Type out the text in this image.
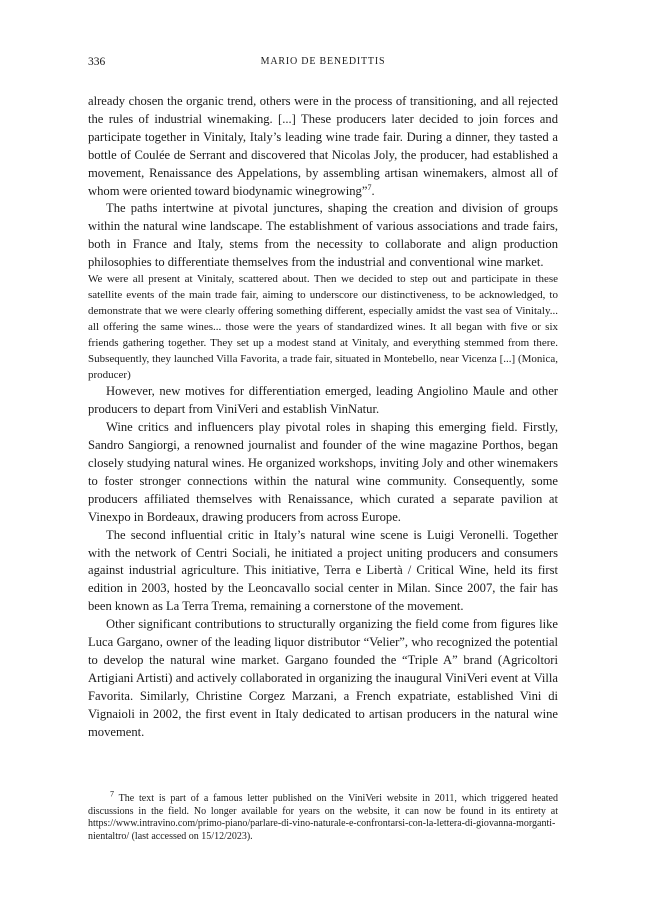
336	MARIO DE BENEDITTIS

already chosen the organic trend, others were in the process of transitioning, and all rejected the rules of industrial winemaking. [...] These producers later decided to join forces and participate together in Vinitaly, Italy’s leading wine trade fair. During a dinner, they tasted a bottle of Coulée de Serrant and discovered that Nicolas Joly, the producer, had established a movement, Renaissance des Appelations, by assembling artisan winemakers, almost all of whom were oriented toward biodynamic winegrowing”$^7$.

The paths intertwine at pivotal junctures, shaping the creation and division of groups within the natural wine landscape. The establishment of various associations and trade fairs, both in France and Italy, stems from the necessity to collaborate and align production philosophies to differentiate themselves from the industrial and conventional wine market.

We were all present at Vinitaly, scattered about. Then we decided to step out and participate in these satellite events of the main trade fair, aiming to underscore our distinctiveness, to be acknowledged, to demonstrate that we were clearly offering something different, especially amidst the vast sea of Vinitaly... all offering the same wines... those were the years of standardized wines. It all began with five or six friends gathering together. They set up a modest stand at Vinitaly, and everything stemmed from there. Subsequently, they launched Villa Favorita, a trade fair, situated in Montebello, near Vicenza [...] (Monica, producer)

However, new motives for differentiation emerged, leading Angiolino Maule and other producers to depart from ViniVeri and establish VinNatur.

Wine critics and influencers play pivotal roles in shaping this emerging field. Firstly, Sandro Sangiorgi, a renowned journalist and founder of the wine magazine Porthos, began closely studying natural wines. He organized workshops, inviting Joly and other winemakers to foster stronger connections within the natural wine community. Consequently, some producers affiliated themselves with Renaissance, which curated a separate pavilion at Vinexpo in Bordeaux, drawing producers from across Europe.

The second influential critic in Italy’s natural wine scene is Luigi Veronelli. Together with the network of Centri Sociali, he initiated a project uniting producers and consumers against industrial agriculture. This initiative, Terra e Libertà / Critical Wine, held its first edition in 2003, hosted by the Leoncavallo social center in Milan. Since 2007, the fair has been known as La Terra Trema, remaining a cornerstone of the movement.

Other significant contributions to structurally organizing the field come from figures like Luca Gargano, owner of the leading liquor distributor “Velier”, who recognized the potential to develop the natural wine market. Gargano founded the “Triple A” brand (Agricoltori Artigiani Artisti) and actively collaborated in organizing the inaugural ViniVeri event at Villa Favorita. Similarly, Christine Corgez Marzani, a French expatriate, established Vini di Vignaioli in 2002, the first event in Italy dedicated to artisan producers in the natural wine movement.

$^7$ The text is part of a famous letter published on the ViniVeri website in 2011, which triggered heated discussions in the field. No longer available for years on the website, it can now be found in its entirety at https://www.intravino.com/primo-piano/parlare-di-vino-naturale-e-confrontarsi-con-la-lettera-di-giovanna-morganti-nientaltro/ (last accessed on 15/12/2023).
